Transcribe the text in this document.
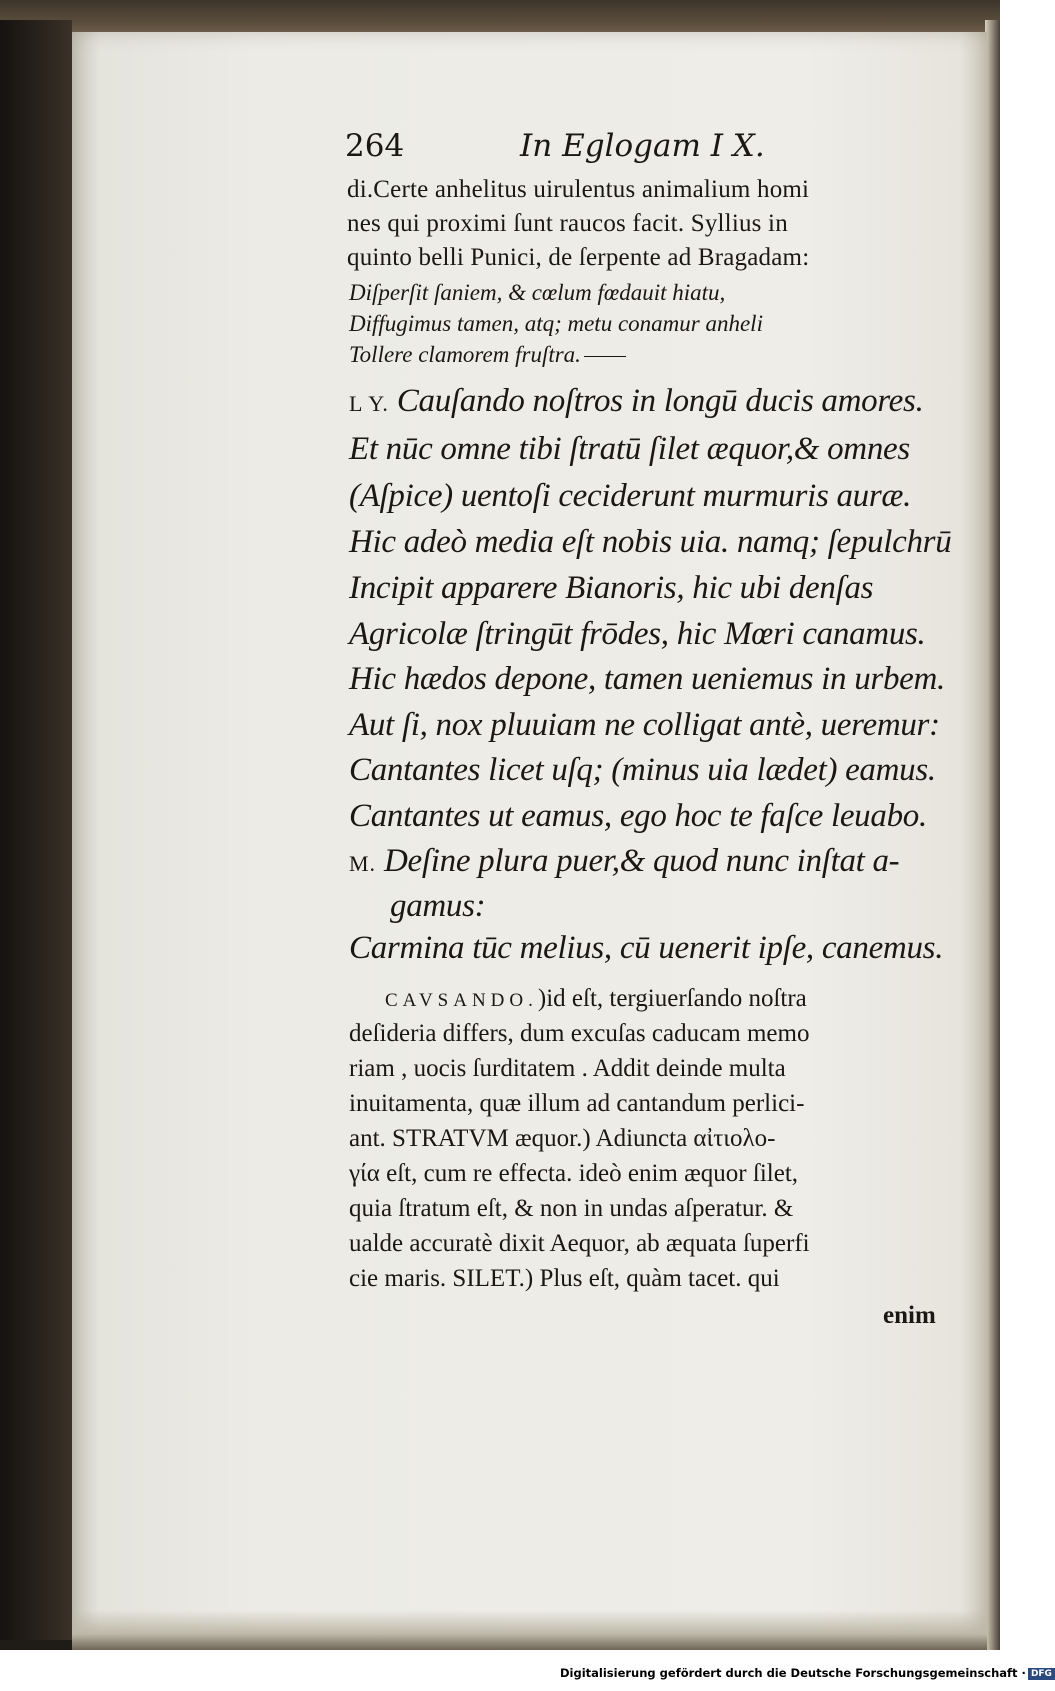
264	In Eglogam I X.
di.Certe anhelitus uirulentus animalium homi
nes qui proximi ſunt raucos facit. Syllius in
quinto belli Punici, de ſerpente ad Bragadam:
Diſperſit ſaniem, & cœlum fœdauit hiatu,
Diffugimus tamen, atq; metu conamur anheli
Tollere clamorem fruſtra.
L Y. Cauſando noſtros in longū ducis amores.
Et nūc omne tibi ſtratū ſilet æquor,& omnes
(Aſpice) uentoſi ceciderunt murmuris auræ.
Hic adeò media eſt nobis uia. namq; ſepulchrū
Incipit apparere Bianoris, hic ubi denſas
Agricolæ ſtringūt frōdes, hic Mœri canamus.
Hic hædos depone, tamen ueniemus in urbem.
Aut ſi, nox pluuiam ne colligat antè, ueremur:
Cantantes licet uſq; (minus uia lædet) eamus.
Cantantes ut eamus, ego hoc te faſce leuabo.
M. Deſine plura puer,& quod nunc inſtat a-
gamus:
Carmina tūc melius, cū uenerit ipſe, canemus.
CAVSANDO.)id eſt, tergiuerſando noſtra
deſideria differs, dum excuſas caducam memo
riam , uocis ſurditatem . Addit deinde multa
inuitamenta, quæ illum ad cantandum perlici-
ant. STRATVM æquor.) Adiuncta αἰτιολο-
γία eſt, cum re effecta. ideò enim æquor ſilet,
quia ſtratum eſt, & non in undas aſperatur. &
ualde accuratè dixit Aequor, ab æquata ſuperfi
cie maris. SILET.) Plus eſt, quàm tacet. qui
enim
Digitalisierung gefördert durch die Deutsche Forschungsgemeinschaft · DFG
